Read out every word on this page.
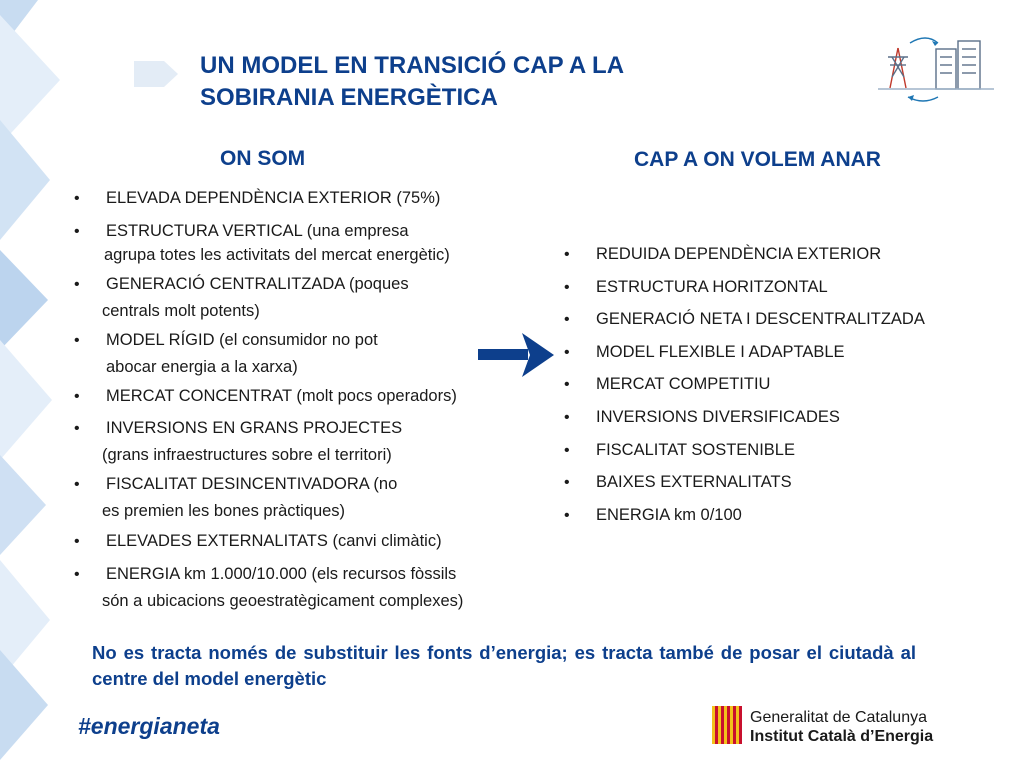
UN MODEL EN TRANSICIÓ CAP A LA
SOBIRANIA ENERGÈTICA
ON SOM	CAP A ON VOLEM ANAR
• ELEVADA DEPENDÈNCIA EXTERIOR (75%)
• ESTRUCTURA VERTICAL (una empresa
agrupa totes les activitats del mercat energètic)
• GENERACIÓ CENTRALITZADA (poques
centrals molt potents)
• MODEL RÍGID (el consumidor no pot
abocar energia a la xarxa)
• MERCAT CONCENTRAT (molt pocs operadors)
• INVERSIONS EN GRANS PROJECTES
(grans infraestructures sobre el territori)
• FISCALITAT DESINCENTIVADORA (no
es premien les bones pràctiques)
• ELEVADES EXTERNALITATS (canvi climàtic)
• ENERGIA km 1.000/10.000 (els recursos fòssils
són a ubicacions geoestratègicament complexes)
• REDUIDA DEPENDÈNCIA EXTERIOR
• ESTRUCTURA HORITZONTAL
• GENERACIÓ NETA I DESCENTRALITZADA
• MODEL FLEXIBLE I ADAPTABLE
• MERCAT COMPETITIU
• INVERSIONS DIVERSIFICADES
• FISCALITAT SOSTENIBLE
• BAIXES EXTERNALITATS
• ENERGIA km 0/100
No es tracta només de substituir les fonts d’energia; es tracta també de posar el ciutadà al centre del model energètic
#energianeta	Generalitat de Catalunya
Institut Català d’Energia
